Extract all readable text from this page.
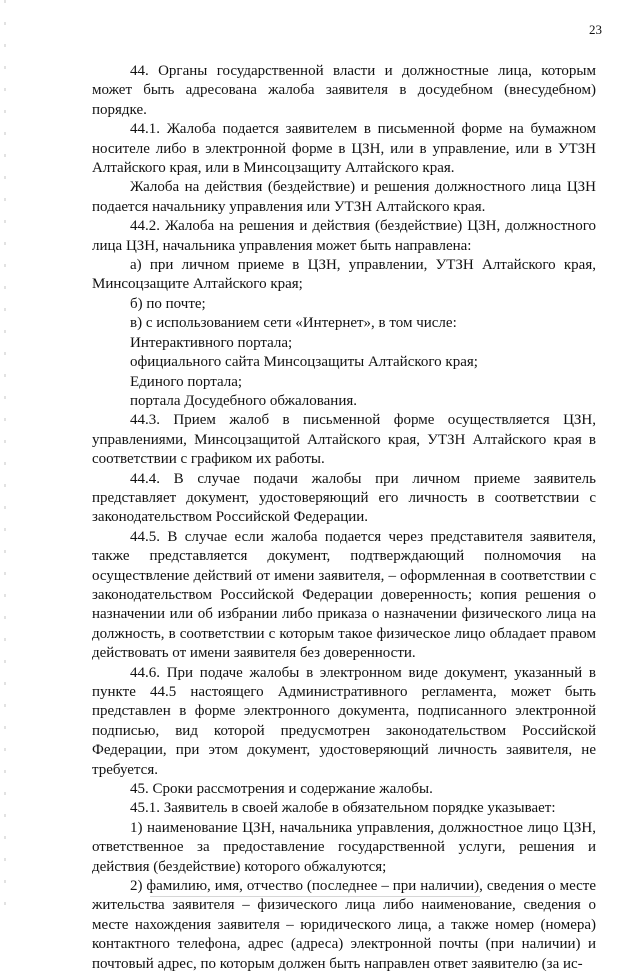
23

44. Органы государственной власти и должностные лица, которым может быть адресована жалоба заявителя в досудебном (внесудебном) порядке.

44.1. Жалоба подается заявителем в письменной форме на бумажном носителе либо в электронной форме в ЦЗН, или в управление, или в УТЗН Алтайского края, или в Минсоцзащиту Алтайского края.

Жалоба на действия (бездействие) и решения должностного лица ЦЗН подается начальнику управления или УТЗН Алтайского края.

44.2. Жалоба на решения и действия (бездействие) ЦЗН, должностного лица ЦЗН, начальника управления может быть направлена:

а) при личном приеме в ЦЗН, управлении, УТЗН Алтайского края, Минсоцзащите Алтайского края;

б) по почте;

в) с использованием сети «Интернет», в том числе:

Интерактивного портала;

официального сайта Минсоцзащиты Алтайского края;

Единого портала;

портала Досудебного обжалования.

44.3. Прием жалоб в письменной форме осуществляется ЦЗН, управлениями, Минсоцзащитой Алтайского края, УТЗН Алтайского края в соответствии с графиком их работы.

44.4. В случае подачи жалобы при личном приеме заявитель представляет документ, удостоверяющий его личность в соответствии с законодательством Российской Федерации.

44.5. В случае если жалоба подается через представителя заявителя, также представляется документ, подтверждающий полномочия на осуществление действий от имени заявителя, – оформленная в соответствии с законодательством Российской Федерации доверенность; копия решения о назначении или об избрании либо приказа о назначении физического лица на должность, в соответствии с которым такое физическое лицо обладает правом действовать от имени заявителя без доверенности.

44.6. При подаче жалобы в электронном виде документ, указанный в пункте 44.5 настоящего Административного регламента, может быть представлен в форме электронного документа, подписанного электронной подписью, вид которой предусмотрен законодательством Российской Федерации, при этом документ, удостоверяющий личность заявителя, не требуется.

45. Сроки рассмотрения и содержание жалобы.

45.1. Заявитель в своей жалобе в обязательном порядке указывает:

1) наименование ЦЗН, начальника управления, должностное лицо ЦЗН, ответственное за предоставление государственной услуги, решения и действия (бездействие) которого обжалуются;

2) фамилию, имя, отчество (последнее – при наличии), сведения о месте жительства заявителя – физического лица либо наименование, сведения о месте нахождения заявителя – юридического лица, а также номер (номера) контактного телефона, адрес (адреса) электронной почты (при наличии) и почтовый адрес, по которым должен быть направлен ответ заявителю (за ис-
